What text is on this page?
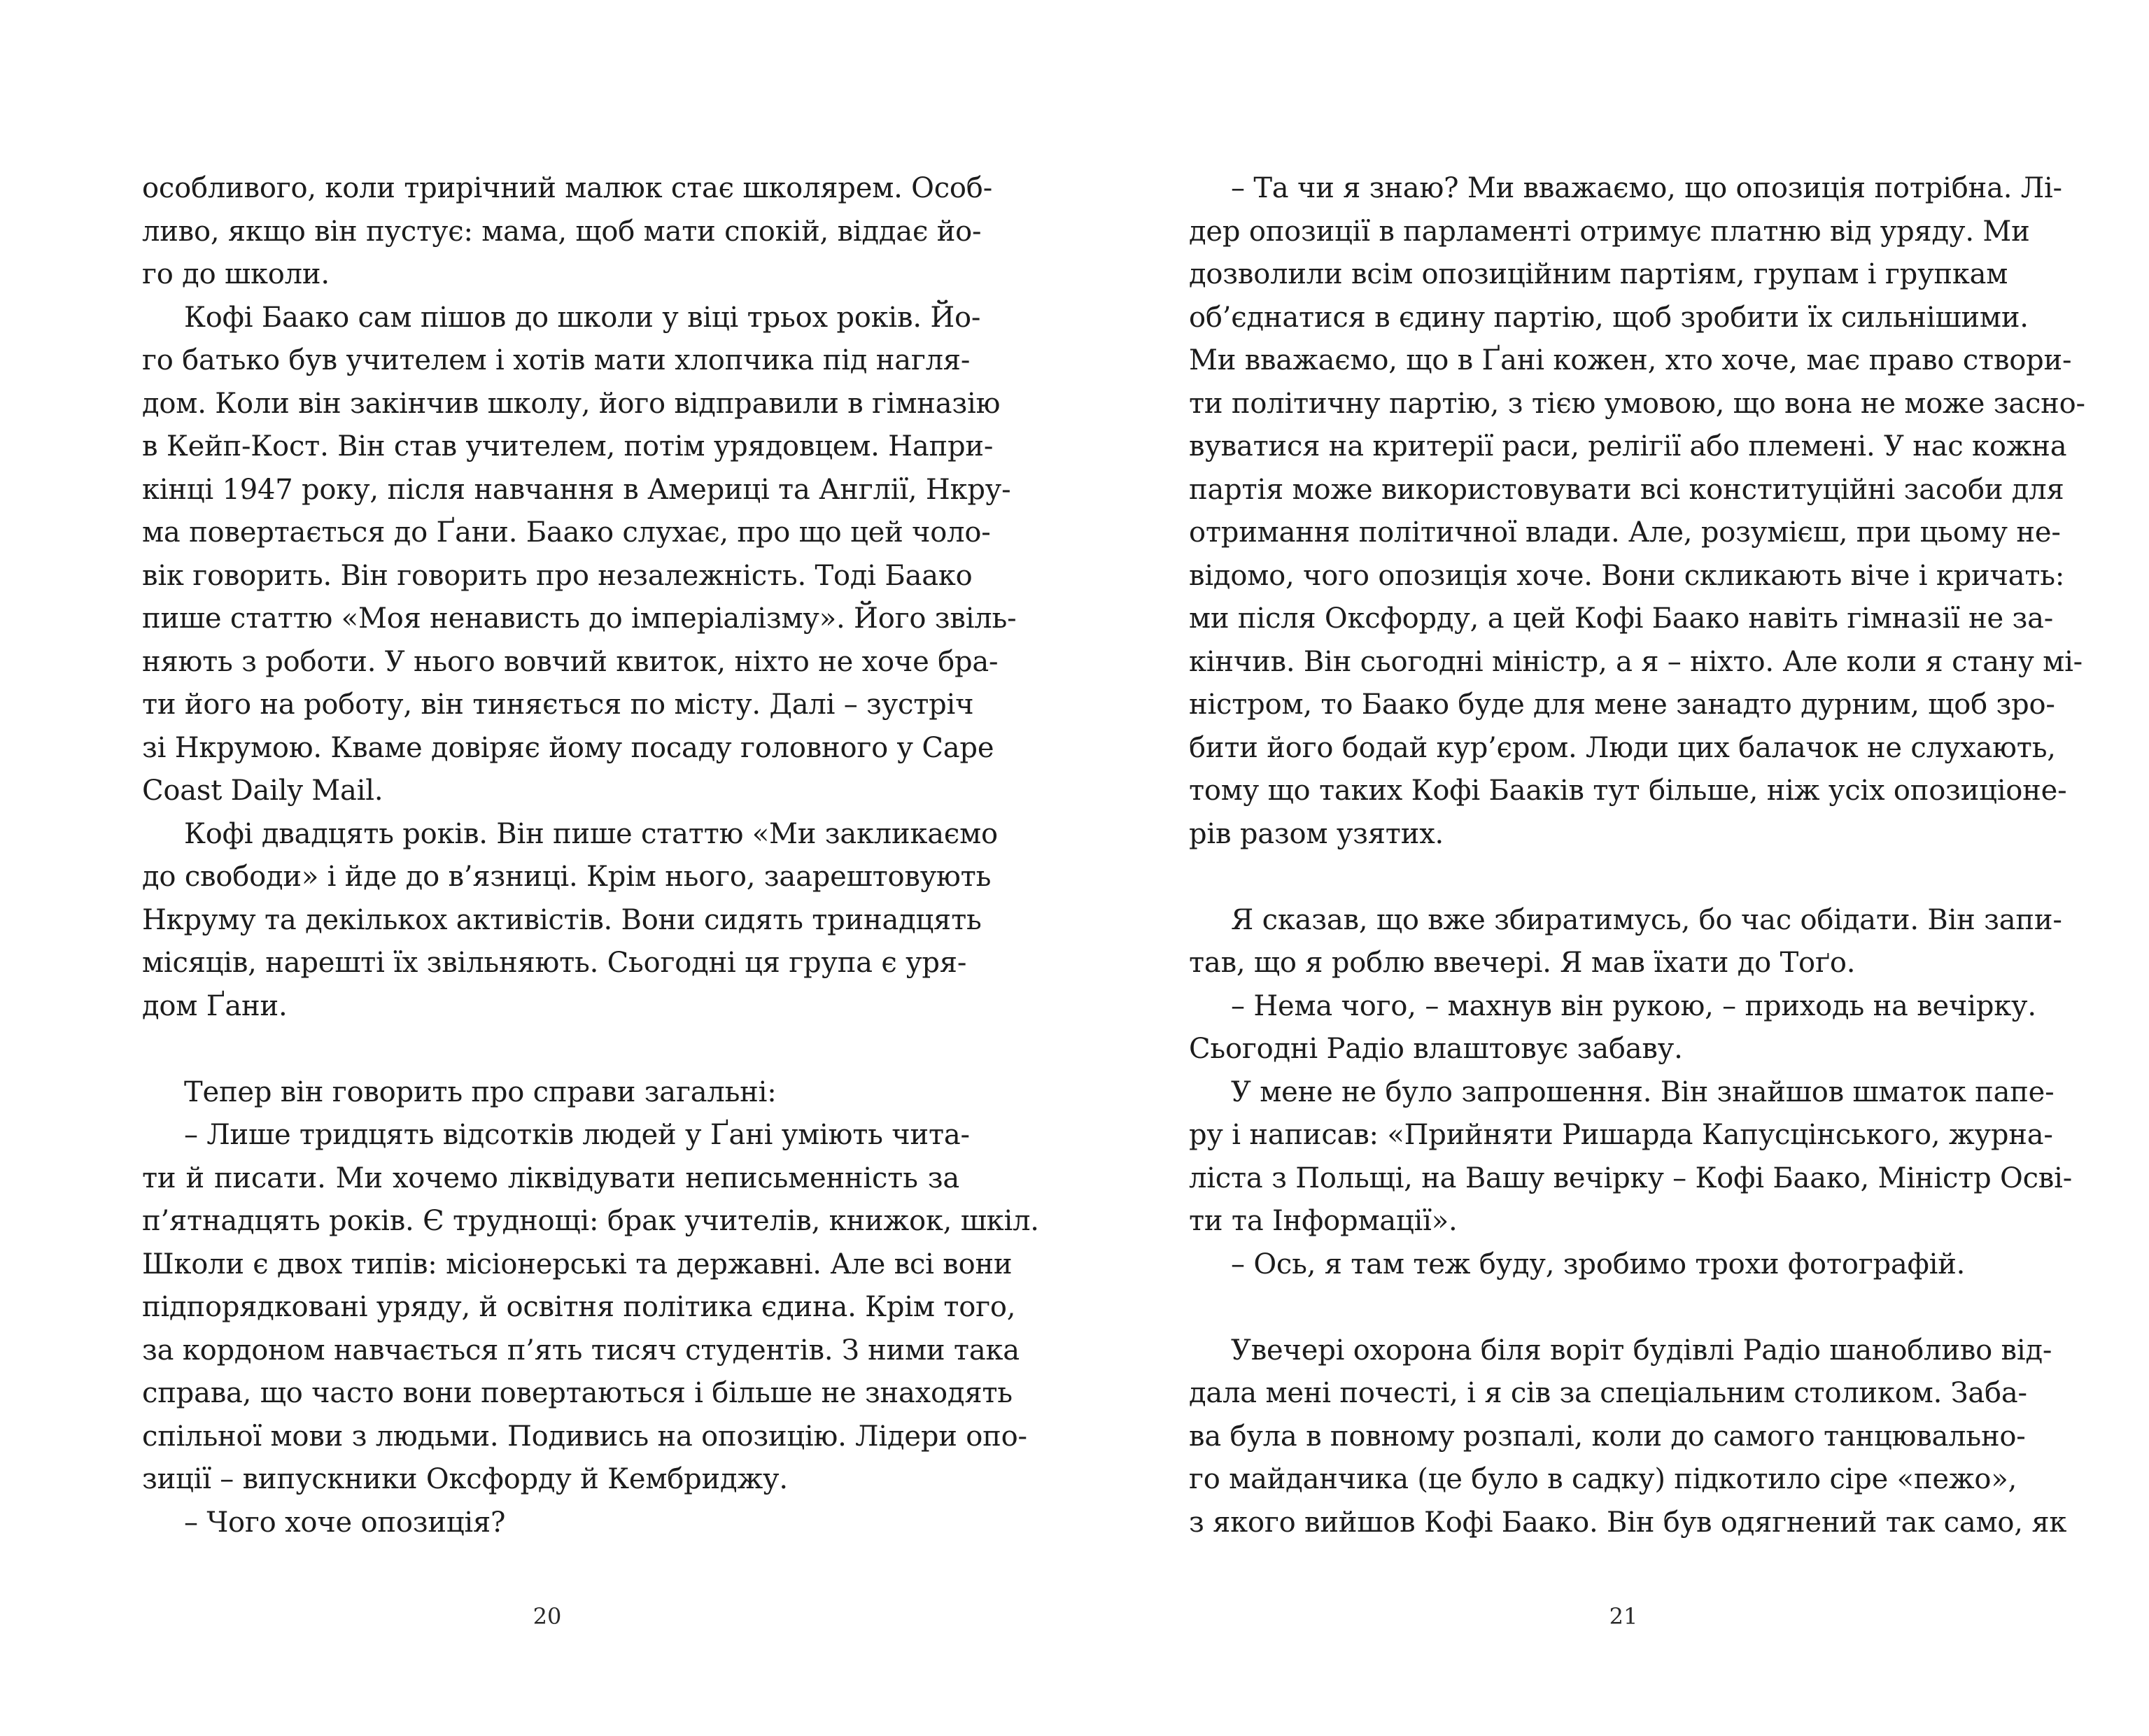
особливого, коли трирічний малюк стає школярем. Особ-
ливо, якщо він пустує: мама, щоб мати спокій, віддає йо-
го до школи.
Кофі Баако сам пішов до школи у віці трьох років. Йо-
го батько був учителем і хотів мати хлопчика під нагля-
дом. Коли він закінчив школу, його відправили в гімназію
в Кейп-Кост. Він став учителем, потім урядовцем. Напри-
кінці 1947 року, після навчання в Америці та Англії, Нкру-
ма повертається до Ґани. Баако слухає, про що цей чоло-
вік говорить. Він говорить про незалежність. Тоді Баако
пише статтю «Моя ненависть до імперіалізму». Його звіль-
няють з роботи. У нього вовчий квиток, ніхто не хоче бра-
ти його на роботу, він тиняється по місту. Далі – зустріч
зі Нкрумою. Кваме довіряє йому посаду головного у Cape
Coast Daily Mail.
Кофі двадцять років. Він пише статтю «Ми закликаємо
до свободи» і йде до в’язниці. Крім нього, заарештовують
Нкруму та декількох активістів. Вони сидять тринадцять
місяців, нарешті їх звільняють. Сьогодні ця група є уря-
дом Ґани.
Тепер він говорить про справи загальні:
– Лише тридцять відсотків людей у Ґані уміють чита-
ти й писати. Ми хочемо ліквідувати неписьменність за
п’ятнадцять років. Є труднощі: брак учителів, книжок, шкіл.
Школи є двох типів: місіонерські та державні. Але всі вони
підпорядковані уряду, й освітня політика єдина. Крім того,
за кордоном навчається п’ять тисяч студентів. З ними така
справа, що часто вони повертаються і більше не знаходять
спільної мови з людьми. Подивись на опозицію. Лідери опо-
зиції – випускники Оксфорду й Кембриджу.
– Чого хоче опозиція?
20
– Та чи я знаю? Ми вважаємо, що опозиція потрібна. Лі-
дер опозиції в парламенті отримує платню від уряду. Ми
дозволили всім опозиційним партіям, групам і групкам
об’єднатися в єдину партію, щоб зробити їх сильнішими.
Ми вважаємо, що в Ґані кожен, хто хоче, має право створи-
ти політичну партію, з тією умовою, що вона не може засно-
вуватися на критерії раси, релігії або племені. У нас кожна
партія може використовувати всі конституційні засоби для
отримання політичної влади. Але, розумієш, при цьому не-
відомо, чого опозиція хоче. Вони скликають віче і кричать:
ми після Оксфорду, а цей Кофі Баако навіть гімназії не за-
кінчив. Він сьогодні міністр, а я – ніхто. Але коли я стану мі-
ністром, то Баако буде для мене занадто дурним, щоб зро-
бити його бодай кур’єром. Люди цих балачок не слухають,
тому що таких Кофі Бааків тут більше, ніж усіх опозиціоне-
рів разом узятих.
Я сказав, що вже збиратимусь, бо час обідати. Він запи-
тав, що я роблю ввечері. Я мав їхати до Тоґо.
– Нема чого, – махнув він рукою, – приходь на вечірку.
Сьогодні Радіо влаштовує забаву.
У мене не було запрошення. Він знайшов шматок папе-
ру і написав: «Прийняти Ришарда Капусцінського, журна-
ліста з Польщі, на Вашу вечірку – Кофі Баако, Міністр Осві-
ти та Інформації».
– Ось, я там теж буду, зробимо трохи фотографій.
Увечері охорона біля воріт будівлі Радіо шанобливо від-
дала мені почесті, і я сів за спеціальним столиком. Заба-
ва була в повному розпалі, коли до самого танцювально-
го майданчика (це було в садку) підкотило сіре «пежо»,
з якого вийшов Кофі Баако. Він був одягнений так само, як
21
